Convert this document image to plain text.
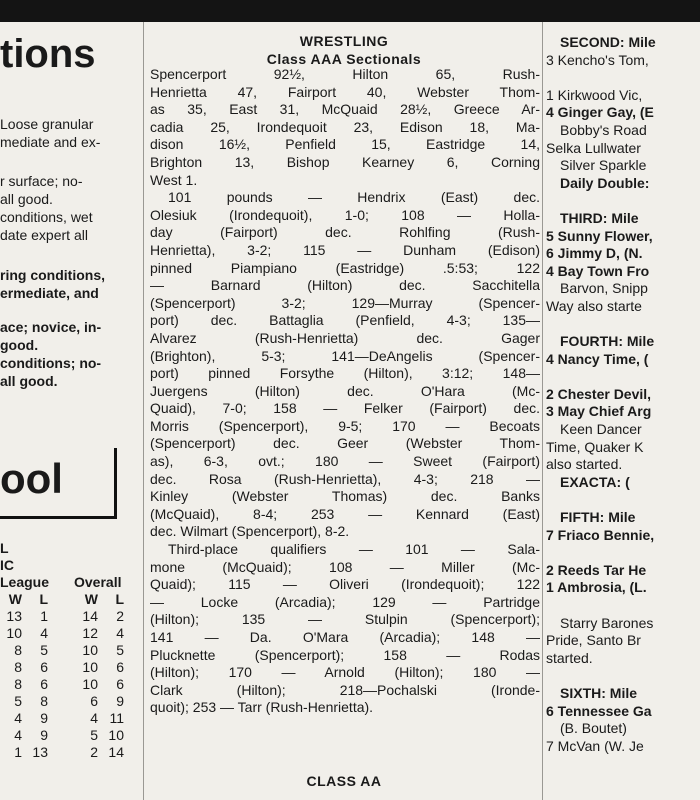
tions
Loose granular
mediate and ex-
r surface; no-
all good.
conditions, wet
date expert all
ring conditions,
ermediate, and
ace; novice, in-
good.
conditions; no-
all good.
ool
L
IC
League Overall
W	L	W	L
13	1 14	2
10	4 12	4
8	5 10	5
8	6 10	6
8	6 10	6
5	8	6	9
4	9	4 11
4	9	5 10
1 13	2 14
WRESTLING
Class AAA Sectionals
Spencerport 92½, Hilton 65, Rush-
Henrietta 47, Fairport 40, Webster Thom-
as 35, East 31, McQuaid 28½, Greece Ar-
cadia 25, Irondequoit 23, Edison 18, Ma-
dison 16½, Penfield 15, Eastridge 14,
Brighton 13, Bishop Kearney 6, Corning
West 1.
101 pounds — Hendrix (East) dec.
Olesiuk (Irondequoit), 1-0; 108 — Holla-
day (Fairport) dec. Rohlfing (Rush-
Henrietta), 3-2; 115 — Dunham (Edison)
pinned Piampiano (Eastridge) .5:53; 122
— Barnard (Hilton) dec. Sacchitella
(Spencerport) 3-2; 129—Murray (Spencer-
port) dec. Battaglia (Penfield, 4-3; 135—
Alvarez (Rush-Henrietta) dec. Gager
(Brighton), 5-3; 141—DeAngelis (Spencer-
port) pinned Forsythe (Hilton), 3:12; 148—
Juergens (Hilton) dec. O'Hara (Mc-
Quaid), 7-0; 158 — Felker (Fairport) dec.
Morris (Spencerport), 9-5; 170 — Becoats
(Spencerport) dec. Geer (Webster Thom-
as), 6-3, ovt.; 180 — Sweet (Fairport)
dec. Rosa (Rush-Henrietta), 4-3; 218 —
Kinley (Webster Thomas) dec. Banks
(McQuaid), 8-4; 253 — Kennard (East)
dec. Wilmart (Spencerport), 8-2.
Third-place qualifiers — 101 — Sala-
mone (McQuaid); 108 — Miller (Mc-
Quaid); 115 — Oliveri (Irondequoit); 122
— Locke (Arcadia); 129 — Partridge
(Hilton); 135 — Stulpin (Spencerport);
141 — Da. O'Mara (Arcadia); 148 —
Plucknette (Spencerport); 158 — Rodas
(Hilton); 170 — Arnold (Hilton); 180 —
Clark (Hilton); 218—Pochalski (Ironde-
quoit); 253 — Tarr (Rush-Henrietta).
CLASS AA
SECOND: Mile
3 Kencho's Tom,
1 Kirkwood Vic,
4 Ginger Gay, (E
Bobby's Road
Selka Lullwater
Silver Sparkle
Daily Double:
THIRD: Mile
5 Sunny Flower,
6 Jimmy D, (N.
4 Bay Town Fro
Barvon, Snipp
Way also starte
FOURTH: Mile
4 Nancy Time, (
2 Chester Devil,
3 May Chief Arg
Keen Dancer
Time, Quaker K
also started.
EXACTA: (
FIFTH: Mile
7 Friaco Bennie,
2 Reeds Tar He
1 Ambrosia, (L.
Starry Barones
Pride, Santo Br
started.
SIXTH: Mile
6 Tennessee Ga
(B. Boutet)
7 McVan (W. Je
